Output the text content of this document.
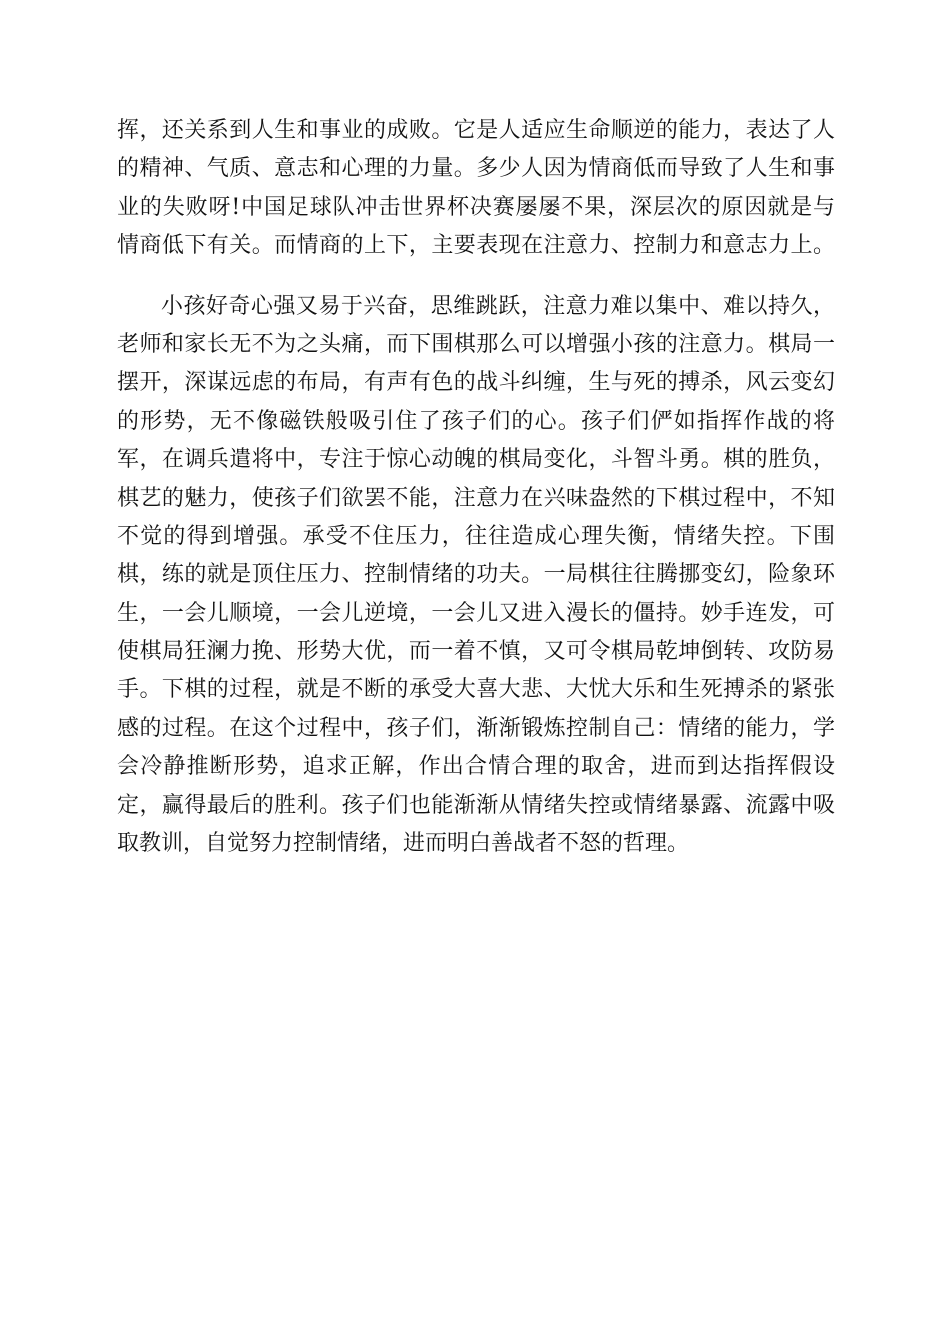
挥，还关系到人生和事业的成败。它是人适应生命顺逆的能力，表达了人
的精神、气质、意志和心理的力量。多少人因为情商低而导致了人生和事
业的失败呀!中国足球队冲击世界杯决赛屡屡不果，深层次的原因就是与
情商低下有关。而情商的上下，主要表现在注意力、控制力和意志力上。
小孩好奇心强又易于兴奋，思维跳跃，注意力难以集中、难以持久，
老师和家长无不为之头痛，而下围棋那么可以增强小孩的注意力。棋局一
摆开，深谋远虑的布局，有声有色的战斗纠缠，生与死的搏杀，风云变幻
的形势，无不像磁铁般吸引住了孩子们的心。孩子们俨如指挥作战的将
军，在调兵遣将中，专注于惊心动魄的棋局变化，斗智斗勇。棋的胜负，
棋艺的魅力，使孩子们欲罢不能，注意力在兴味盎然的下棋过程中，不知
不觉的得到增强。承受不住压力，往往造成心理失衡，情绪失控。下围
棋，练的就是顶住压力、控制情绪的功夫。一局棋往往腾挪变幻，险象环
生，一会儿顺境，一会儿逆境，一会儿又进入漫长的僵持。妙手连发，可
使棋局狂澜力挽、形势大优，而一着不慎，又可令棋局乾坤倒转、攻防易
手。下棋的过程，就是不断的承受大喜大悲、大忧大乐和生死搏杀的紧张
感的过程。在这个过程中，孩子们，渐渐锻炼控制自己：情绪的能力，学
会冷静推断形势，追求正解，作出合情合理的取舍，进而到达指挥假设
定，赢得最后的胜利。孩子们也能渐渐从情绪失控或情绪暴露、流露中吸
取教训，自觉努力控制情绪，进而明白善战者不怒的哲理。
